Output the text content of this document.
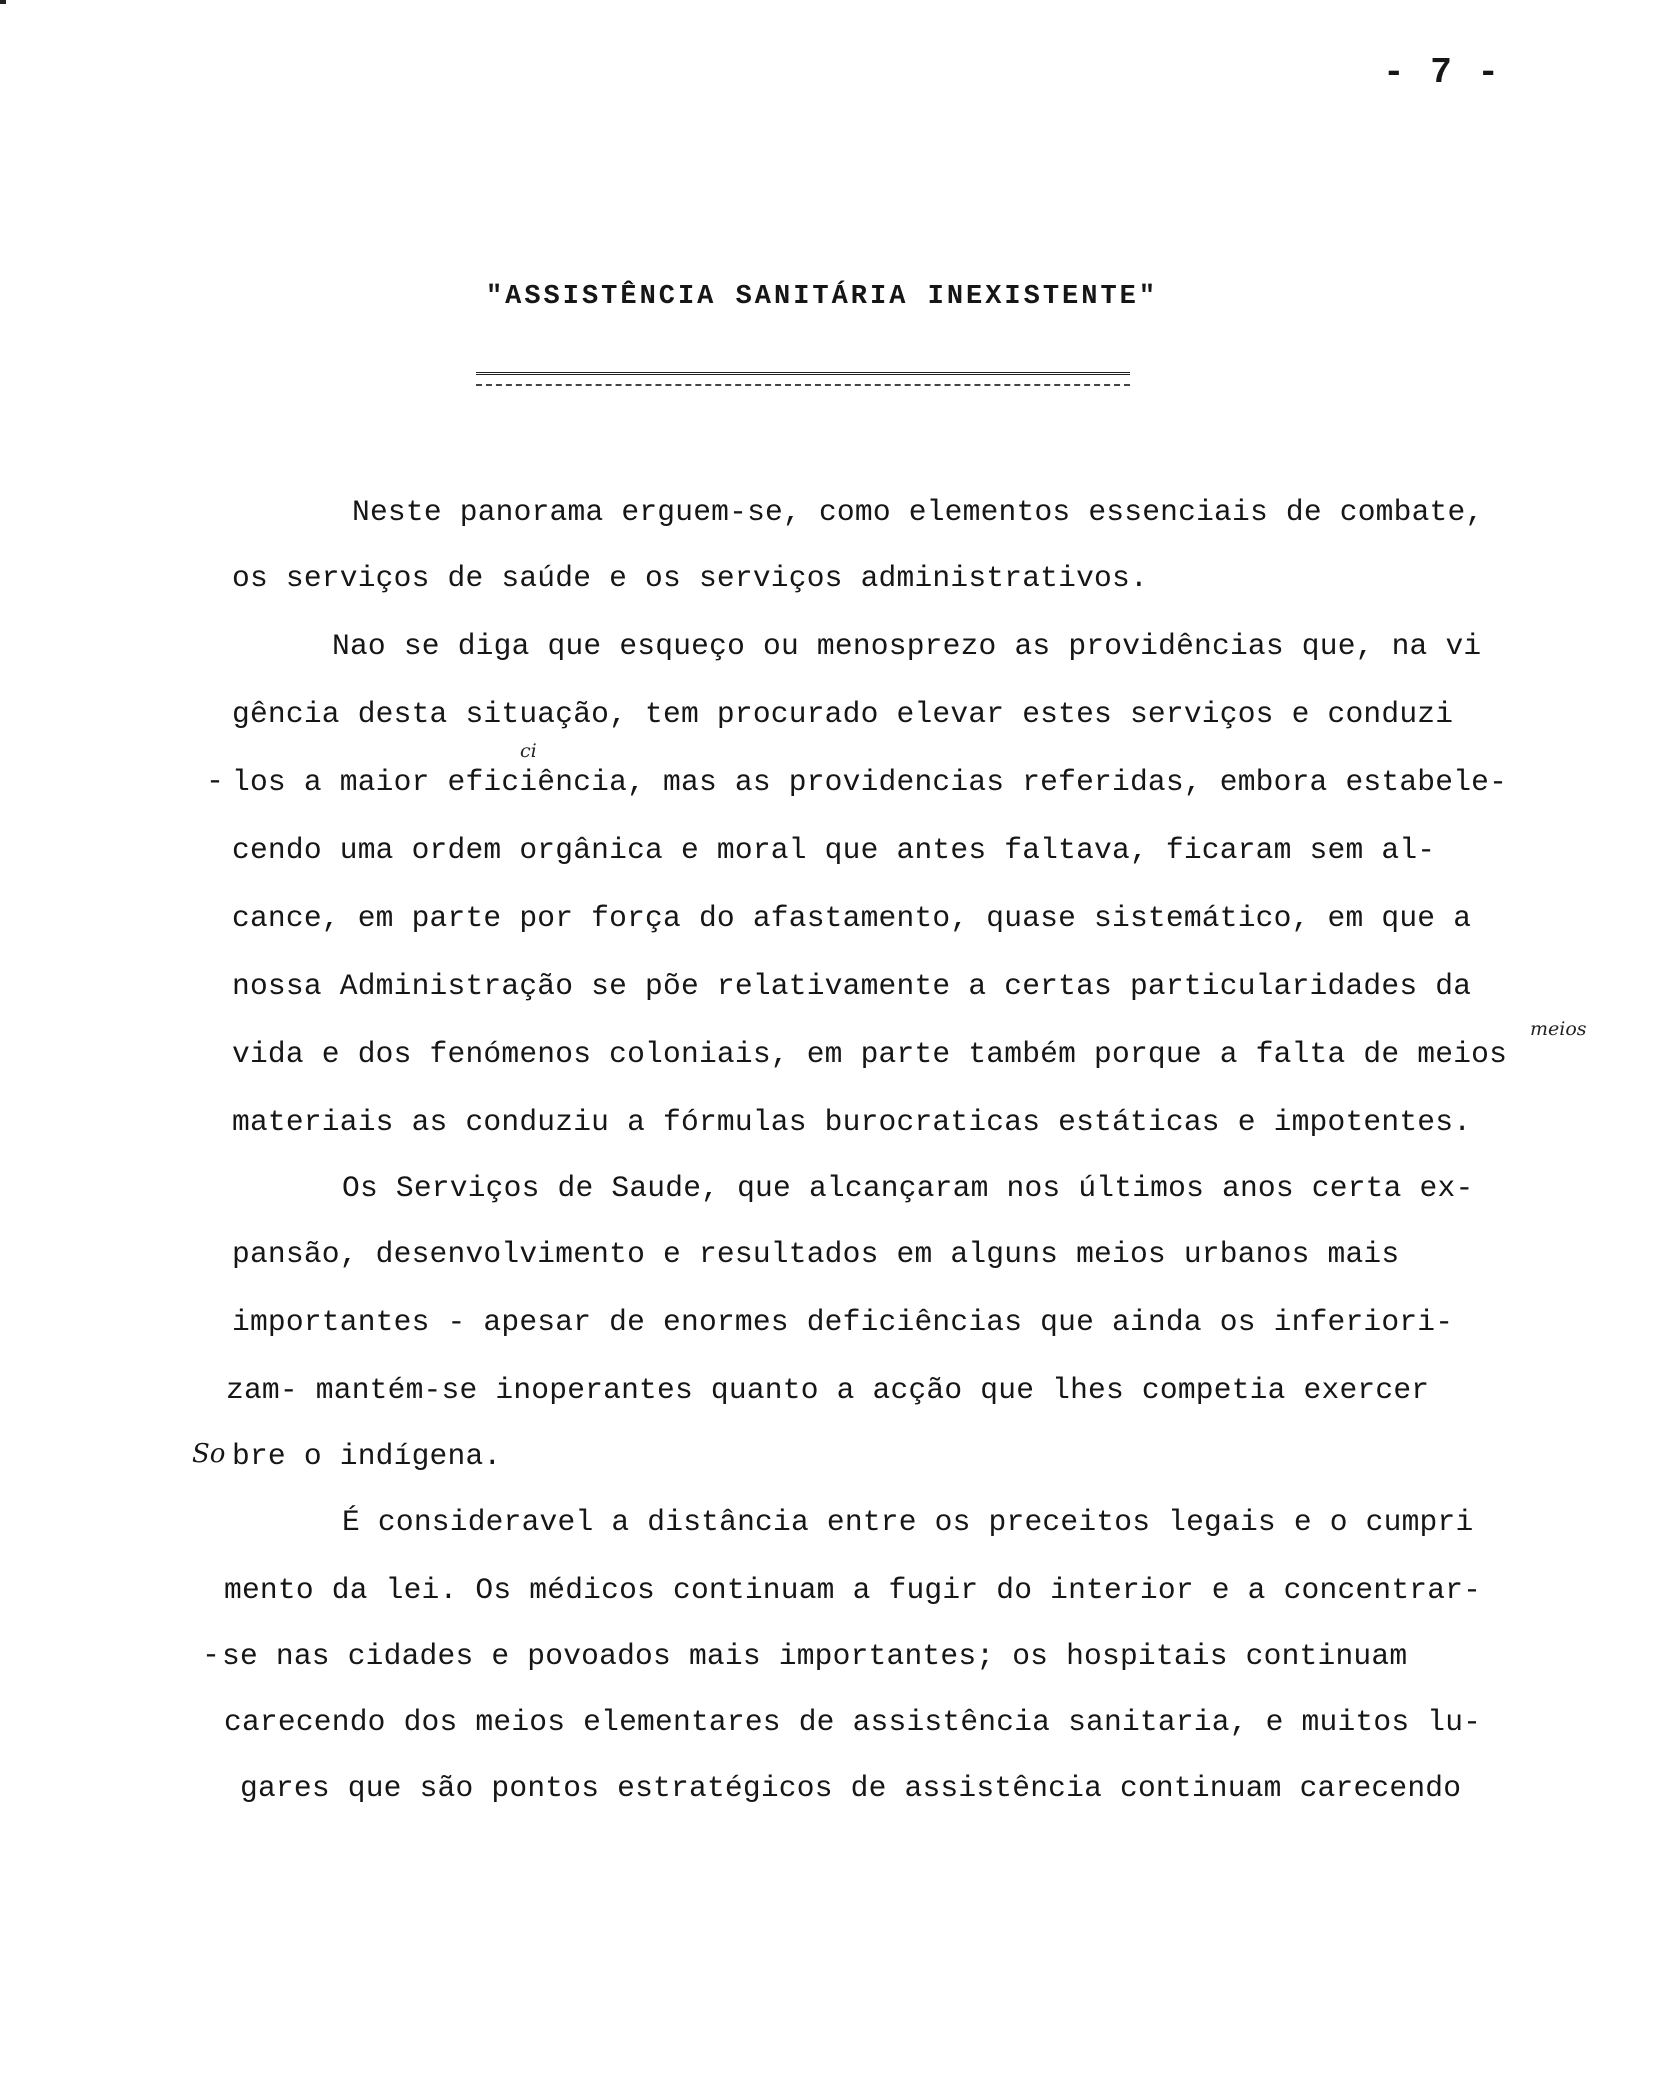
- 7 -
"ASSISTÊNCIA SANITÁRIA INEXISTENTE"
Neste panorama erguem-se, como elementos essenciais de combate,
os serviços de saúde e os serviços administrativos.
Nao se diga que esqueço ou menosprezo as providências que, na vi
gência desta situação, tem procurado elevar estes serviços e conduzi
-
ci
los a maior eficiência, mas as providencias referidas, embora estabele-
cendo uma ordem orgânica e moral que antes faltava, ficaram sem al-
cance, em parte por força do afastamento, quase sistemático, em que a
nossa Administração se põe relativamente a certas particularidades da
meios
vida e dos fenómenos coloniais, em parte também porque a falta de meios
materiais as conduziu a fórmulas burocraticas estáticas e impotentes.
Os Serviços de Saude, que alcançaram nos últimos anos certa ex-
pansão, desenvolvimento e resultados em alguns meios urbanos mais
importantes - apesar de enormes deficiências que ainda os inferiori-
zam- mantém-se inoperantes quanto a acção que lhes competia exercer
So bre o indígena.
É consideravel a distância entre os preceitos legais e o cumpri
mento da lei. Os médicos continuam a fugir do interior e a concentrar-
- se nas cidades e povoados mais importantes; os hospitais continuam
carecendo dos meios elementares de assistência sanitaria, e muitos lu-
gares que são pontos estratégicos de assistência continuam carecendo
